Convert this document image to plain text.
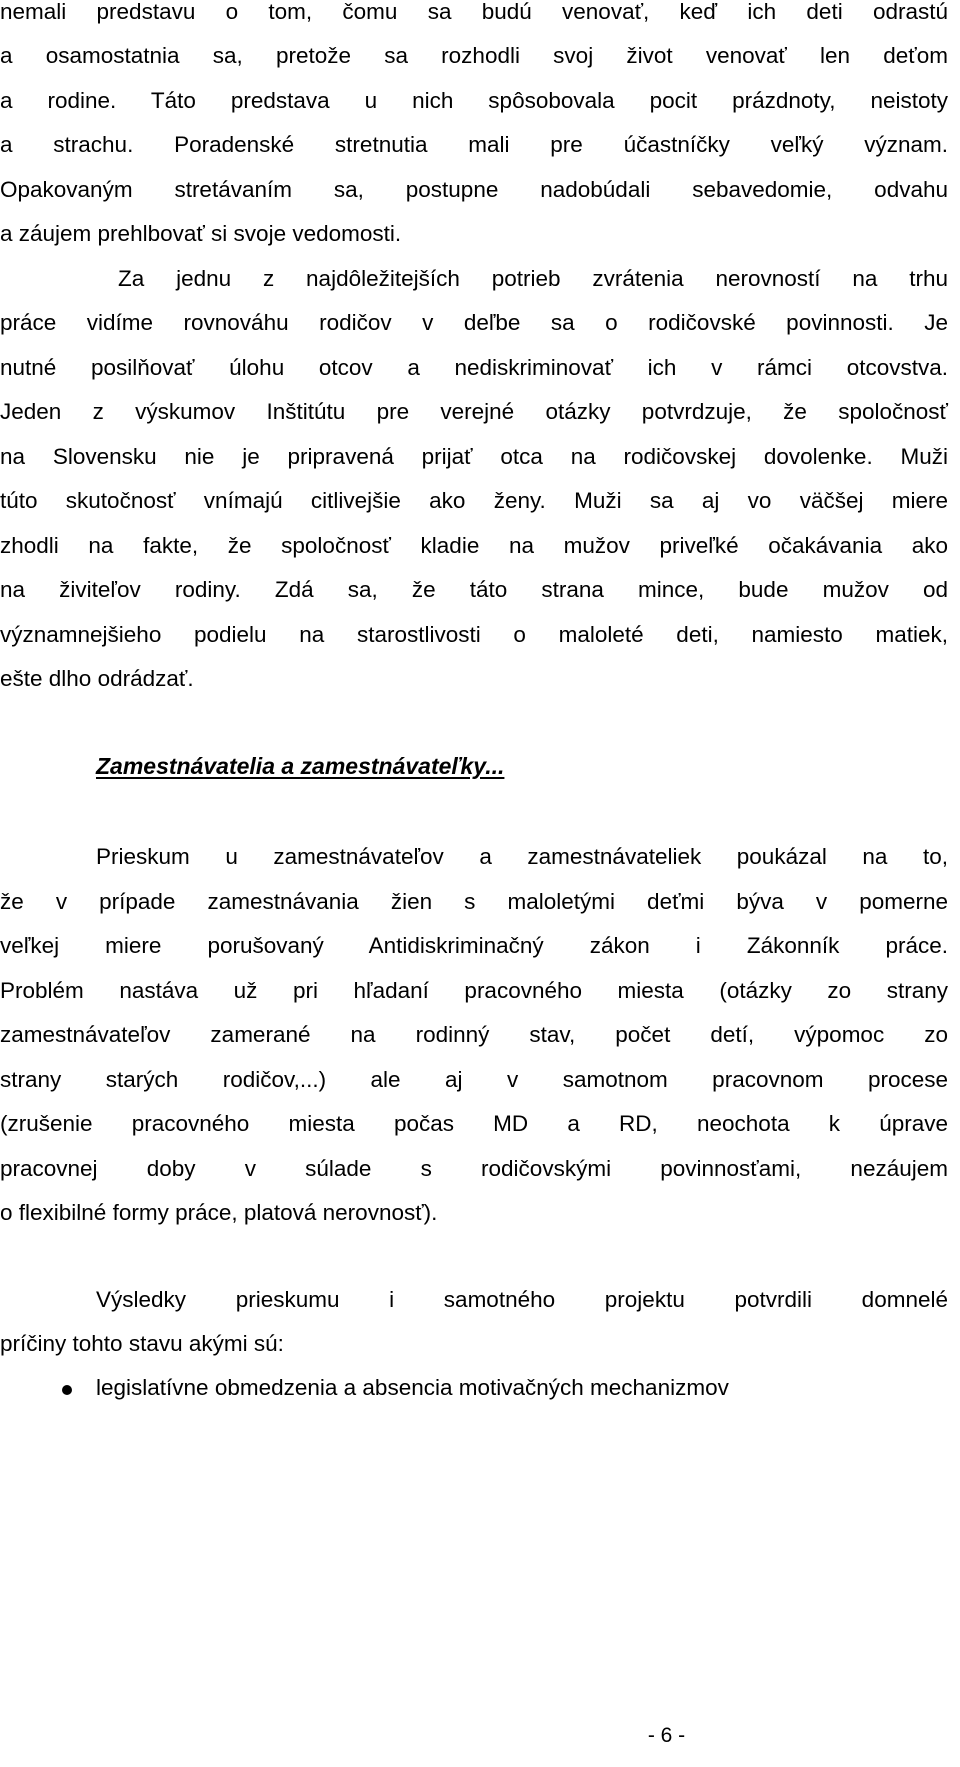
nemali predstavu o tom, čomu sa budú venovať, keď ich deti odrastú
a osamostatnia sa, pretože sa rozhodli svoj život venovať len deťom
a rodine. Táto predstava u nich spôsobovala pocit prázdnoty, neistoty
a strachu. Poradenské stretnutia mali pre účastníčky veľký význam.
Opakovaným stretávaním sa, postupne nadobúdali sebavedomie, odvahu
a záujem prehlbovať si svoje vedomosti.
Za jednu z najdôležitejších potrieb zvrátenia nerovností na trhu
práce vidíme rovnováhu rodičov v deľbe sa o rodičovské povinnosti. Je
nutné posilňovať úlohu otcov a nediskriminovať ich v rámci otcovstva.
Jeden z výskumov Inštitútu pre verejné otázky potvrdzuje, že spoločnosť
na Slovensku nie je pripravená prijať otca na rodičovskej dovolenke. Muži
túto skutočnosť vnímajú citlivejšie ako ženy. Muži sa aj vo väčšej miere
zhodli na fakte, že spoločnosť kladie na mužov priveľké očakávania ako
na živiteľov rodiny. Zdá sa, že táto strana mince, bude mužov od
významnejšieho podielu na starostlivosti o maloleté deti, namiesto matiek,
ešte dlho odrádzať.
Zamestnávatelia a zamestnávateľky...
Prieskum u zamestnávateľov a zamestnávateliek poukázal na to,
že v prípade zamestnávania žien s maloletými deťmi býva v pomerne
veľkej miere porušovaný Antidiskriminačný zákon i Zákonník práce.
Problém nastáva už pri hľadaní pracovného miesta (otázky zo strany
zamestnávateľov zamerané na rodinný stav, počet detí, výpomoc zo
strany starých rodičov,...) ale aj v samotnom pracovnom procese
(zrušenie pracovného miesta počas MD a RD, neochota k úprave
pracovnej doby v súlade s rodičovskými povinnosťami, nezáujem
o flexibilné formy práce, platová nerovnosť).
Výsledky prieskumu i samotného projektu potvrdili domnelé
príčiny tohto stavu akými sú:
legislatívne obmedzenia a absencia motivačných mechanizmov
- 6 -
